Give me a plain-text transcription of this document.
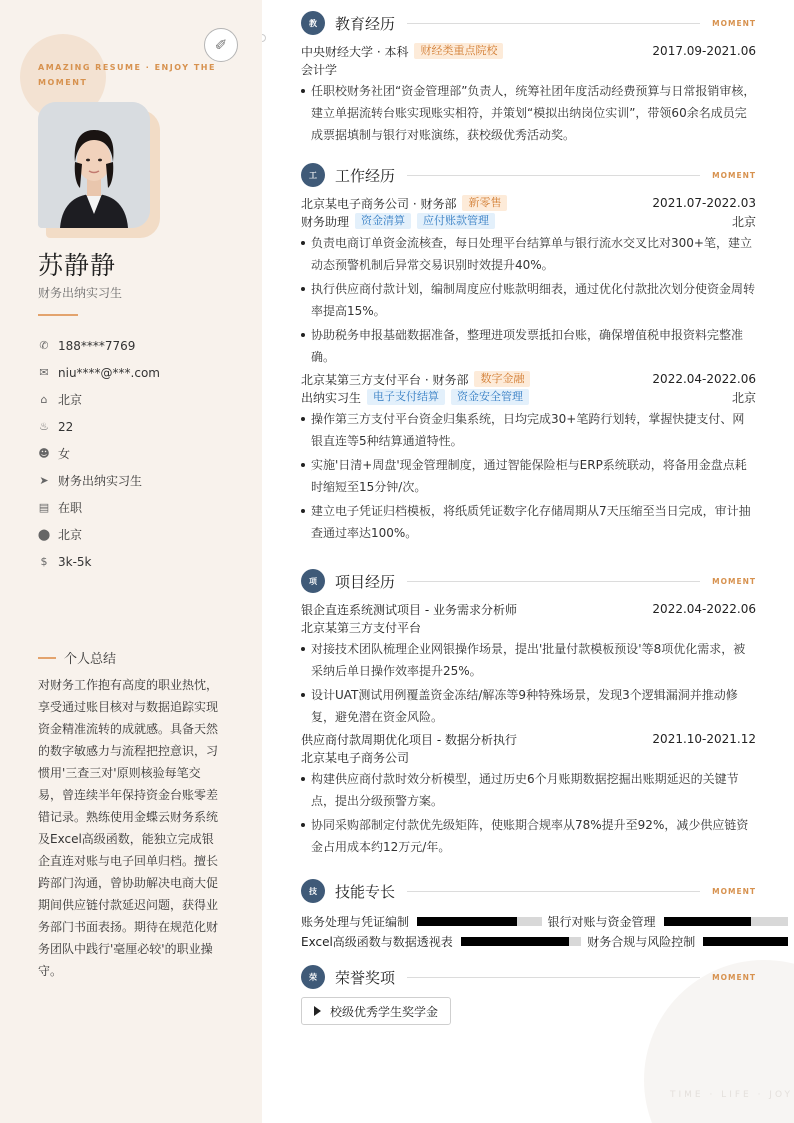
✐
AMAZING RESUME · ENJOY THE MOMENT
苏静静
财务出纳实习生
✆ 188****7769
✉ niu****@***.com
⌂ 北京
♨ 22
☻ 女
➤ 财务出纳实习生
▤ 在职
⬤ 北京
$ 3k-5k
个人总结
对财务工作抱有高度的职业热忱，享受通过账目核对与数据追踪实现资金精准流转的成就感。具备天然的数字敏感力与流程把控意识，习惯用'三查三对'原则核验每笔交易，曾连续半年保持资金台账零差错记录。熟练使用金蝶云财务系统及Excel高级函数，能独立完成银企直连对账与电子回单归档。擅长跨部门沟通，曾协助解决电商大促期间供应链付款延迟问题，获得业务部门书面表扬。期待在规范化财务团队中践行'毫厘必较'的职业操守。
TIME · LIFE · JOY
教	教育经历	MOMENT
中央财经大学 · 本科	财经类重点院校	2017.09-2021.06
会计学
任职校财务社团“资金管理部”负责人，统筹社团年度活动经费预算与日常报销审核，建立单据流转台账实现账实相符，并策划“模拟出纳岗位实训”，带领60余名成员完成票据填制与银行对账演练，获校级优秀活动奖。
工	工作经历	MOMENT
北京某电子商务公司 · 财务部	新零售	2021.07-2022.03
财务助理	资金清算	应付账款管理	北京
负责电商订单资金流核查，每日处理平台结算单与银行流水交叉比对300+笔，建立动态预警机制后异常交易识别时效提升40%。
执行供应商付款计划，编制周度应付账款明细表，通过优化付款批次划分使资金周转率提高15%。
协助税务申报基础数据准备，整理进项发票抵扣台账，确保增值税申报资料完整准确。
北京某第三方支付平台 · 财务部	数字金融	2022.04-2022.06
出纳实习生	电子支付结算	资金安全管理	北京
操作第三方支付平台资金归集系统，日均完成30+笔跨行划转，掌握快捷支付、网银直连等5种结算通道特性。
实施'日清+周盘'现金管理制度，通过智能保险柜与ERP系统联动，将备用金盘点耗时缩短至15分钟/次。
建立电子凭证归档模板，将纸质凭证数字化存储周期从7天压缩至当日完成，审计抽查通过率达100%。
项	项目经历	MOMENT
银企直连系统测试项目 - 业务需求分析师	2022.04-2022.06
北京某第三方支付平台
对接技术团队梳理企业网银操作场景，提出'批量付款模板预设'等8项优化需求，被采纳后单日操作效率提升25%。
设计UAT测试用例覆盖资金冻结/解冻等9种特殊场景，发现3个逻辑漏洞并推动修复，避免潜在资金风险。
供应商付款周期优化项目 - 数据分析执行	2021.10-2021.12
北京某电子商务公司
构建供应商付款时效分析模型，通过历史6个月账期数据挖掘出账期延迟的关键节点，提出分级预警方案。
协同采购部制定付款优先级矩阵，使账期合规率从78%提升至92%，减少供应链资金占用成本约12万元/年。
技	技能专长	MOMENT
账务处理与凭证编制	银行对账与资金管理
Excel高级函数与数据透视表	财务合规与风险控制
荣	荣誉奖项	MOMENT
校级优秀学生奖学金
